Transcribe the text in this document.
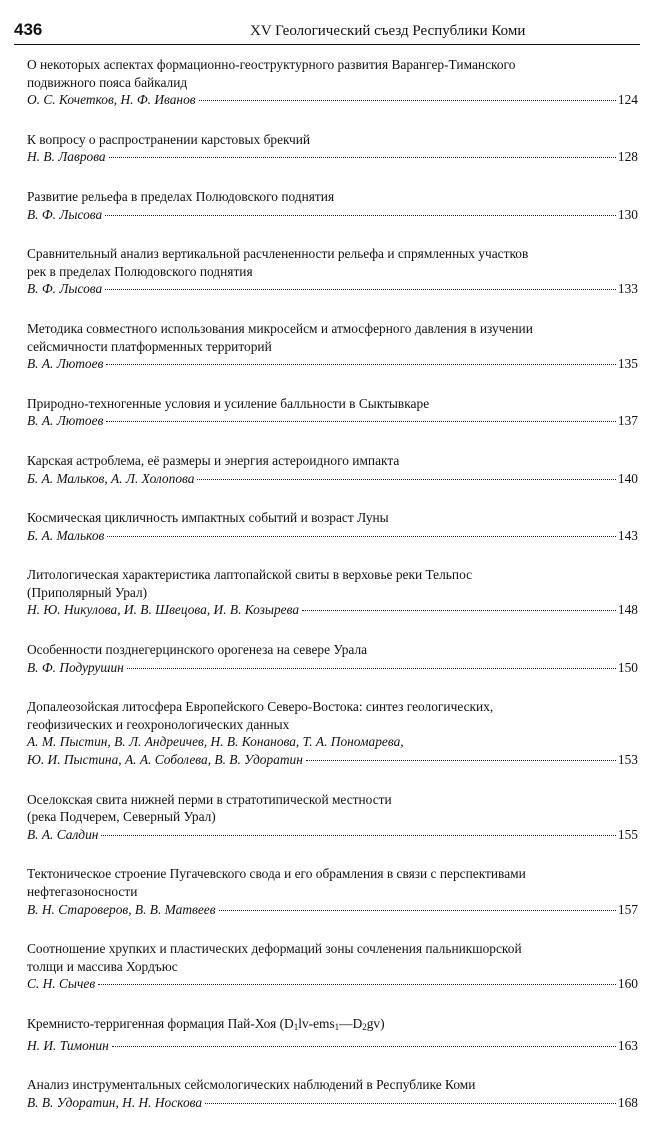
436	XV Геологический съезд Республики Коми
О некоторых аспектах формационно-геоструктурного развития Варангер-Тиманского
подвижного пояса байкалид
О. С. Кочетков, Н. Ф. Иванов	124
К вопросу о распространении карстовых брекчий
Н. В. Лаврова	128
Развитие рельефа в пределах Полюдовского поднятия
В. Ф. Лысова	130
Сравнительный анализ вертикальной расчлененности рельефа и спрямленных участков
рек в пределах Полюдовского поднятия
В. Ф. Лысова	133
Методика совместного использования микросейсм и атмосферного давления в изучении
сейсмичности платформенных территорий
В. А. Лютоев	135
Природно-техногенные условия и усиление балльности в Сыктывкаре
В. А. Лютоев	137
Карская астроблема, её размеры и энергия астероидного импакта
Б. А. Мальков, А. Л. Холопова	140
Космическая цикличность импактных событий и возраст Луны
Б. А. Мальков	143
Литологическая характеристика лаптопайской свиты в верховье реки Тельпос
(Приполярный Урал)
Н. Ю. Никулова, И. В. Швецова, И. В. Козырева	148
Особенности позднегерцинского орогенеза на севере Урала
В. Ф. Подурушин	150
Допалеозойская литосфера Европейского Северо-Востока: синтез геологических,
геофизических и геохронологических данных
А. М. Пыстин, В. Л. Андреичев, Н. В. Конанова, Т. А. Пономарева,
Ю. И. Пыстина, А. А. Соболева, В. В. Удоратин	153
Оселокская свита нижней перми в стратотипической местности
(река Подчерем, Северный Урал)
В. А. Салдин	155
Тектоническое строение Пугачевского свода и его обрамления в связи с перспективами
нефтегазоносности
В. Н. Староверов, В. В. Матвеев	157
Соотношение хрупких и пластических деформаций зоны сочленения пальникшорской
толщи и массива Хордъюс
С. Н. Сычев	160
Кремнисто-терригенная формация Пай-Хоя $(D_1lv-ems_1—D_2gv)$
Н. И. Тимонин	163
Анализ инструментальных сейсмологических наблюдений в Республике Коми
В. В. Удоратин, Н. Н. Носкова	168
